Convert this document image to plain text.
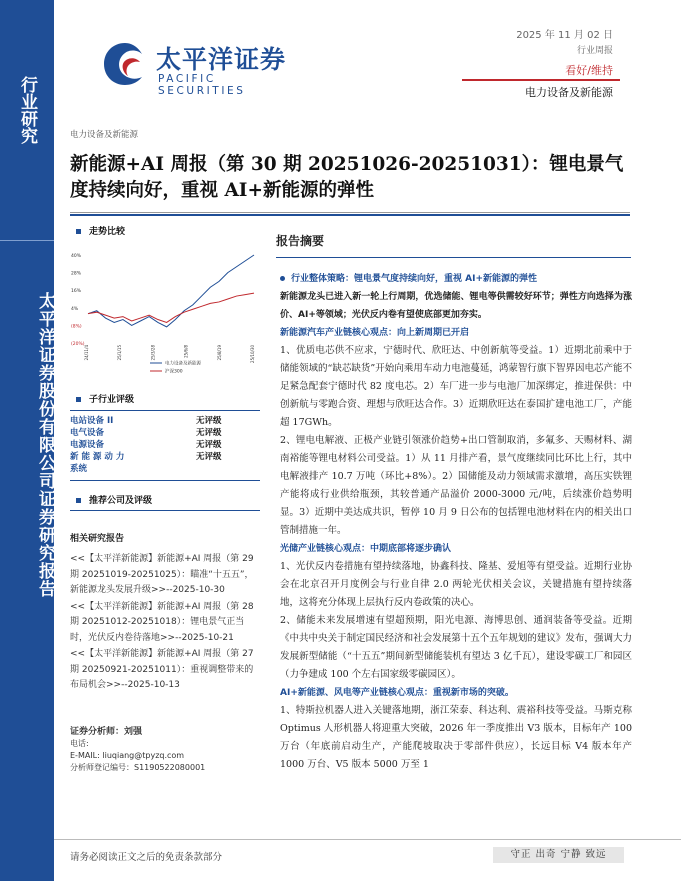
行业研究
太平洋证券股份有限公司证券研究报告
太平洋证券
PACIFIC SECURITIES
2025 年 11 月 02 日
行业周报
看好/维持
电力设备及新能源
电力设备及新能源
新能源+AI 周报（第 30 期 20251026-20251031）：锂电景气度持续向好，重视 AI+新能源的弹性
走势比较
40%
28%
16%
4%
(8%)
(20%)
24/11/4	25/1/15	25/3/28	25/6/8	25/8/19	25/10/30
电力设备及新能源
沪深300
子行业评级
电站设备 II	无评级
电气设备	无评级
电源设备	无评级
新 能 源 动 力	无评级
系统
推荐公司及评级
相关研究报告
<<【太平洋新能源】新能源+AI 周报（第 29 期 20251019-20251025）：瞄准“十五五”，新能源龙头发展升级>>--2025-10-30
<<【太平洋新能源】新能源+AI 周报（第 28 期 20251012-20251018）：锂电景气正当时，光伏反内卷待落地>>--2025-10-21
<<【太平洋新能源】新能源+AI 周报（第 27 期 20250921-20251011）：重视调整带来的布局机会>>--2025-10-13
证券分析师：刘强
电话:
E-MAIL: liuqiang@tpyzq.com
分析师登记编号：S1190522080001
报告摘要

行业整体策略：锂电景气度持续向好，重视 AI+新能源的弹性

新能源龙头已进入新一轮上行周期，优选储能、锂电等供需较好环节；弹性方向选择为涨价、AI+等领域；光伏反内卷有望使底部更加夯实。

新能源汽车产业链核心观点：向上新周期已开启

1、优质电芯供不应求，宁德时代、欣旺达、中创新航等受益。1）近期北前乘中于储能领域的“缺芯缺货”开始向乘用车动力电池蔓延，鸿蒙智行旗下智界因电芯产能不足紧急配套宁德时代 82 度电芯。2）车厂进一步与电池厂加深绑定，推进保供：中创新航与零跑合资、理想与欣旺达合作。3）近期欣旺达在泰国扩建电池工厂，产能超 17GWh。

2、锂电电解液、正极产业链引领涨价趋势+出口管制取消，多氟多、天赐材料、湖南裕能等锂电材料公司受益。1）从 11 月排产看，景气度继续同比环比上行，其中电解液排产 10.7 万吨（环比+8%）。2）国储能及动力领域需求激增，高压实铁锂产能将成行业供给瓶颈，其较普通产品溢价 2000-3000 元/吨，后续涨价趋势明显。3）近期中美达成共识，暂停 10 月 9 日公布的包括锂电池材料在内的相关出口管制措施一年。

光储产业链核心观点：中期底部将逐步确认

1、光伏反内卷措施有望持续落地，协鑫科技、隆基、爱旭等有望受益。近期行业协会在北京召开月度例会与行业自律 2.0 两轮光伏相关会议，关键措施有望持续落地，这将充分体现上层执行反内卷政策的决心。

2、储能未来发展增速有望超预期，阳光电源、海博思创、通润装备等受益。近期《中共中央关于制定国民经济和社会发展第十五个五年规划的建议》发布，强调大力发展新型储能（“十五五”期间新型储能装机有望达 3 亿千瓦），建设零碳工厂和园区（力争建成 100 个左右国家级零碳园区）。

AI+新能源、风电等产业链核心观点：重视新市场的突破。

1、特斯拉机器人进入关键落地期，浙江荣泰、科达利、震裕科技等受益。马斯克称 Optimus 人形机器人将迎重大突破，2026 年一季度推出 V3 版本，目标年产 100 万台（年底前启动生产，产能爬坡取决于零部件供应），长远目标 V4 版本年产 1000 万台、V5 版本 5000 万至 1

请务必阅读正文之后的免责条款部分	守正 出奇 宁静 致远
